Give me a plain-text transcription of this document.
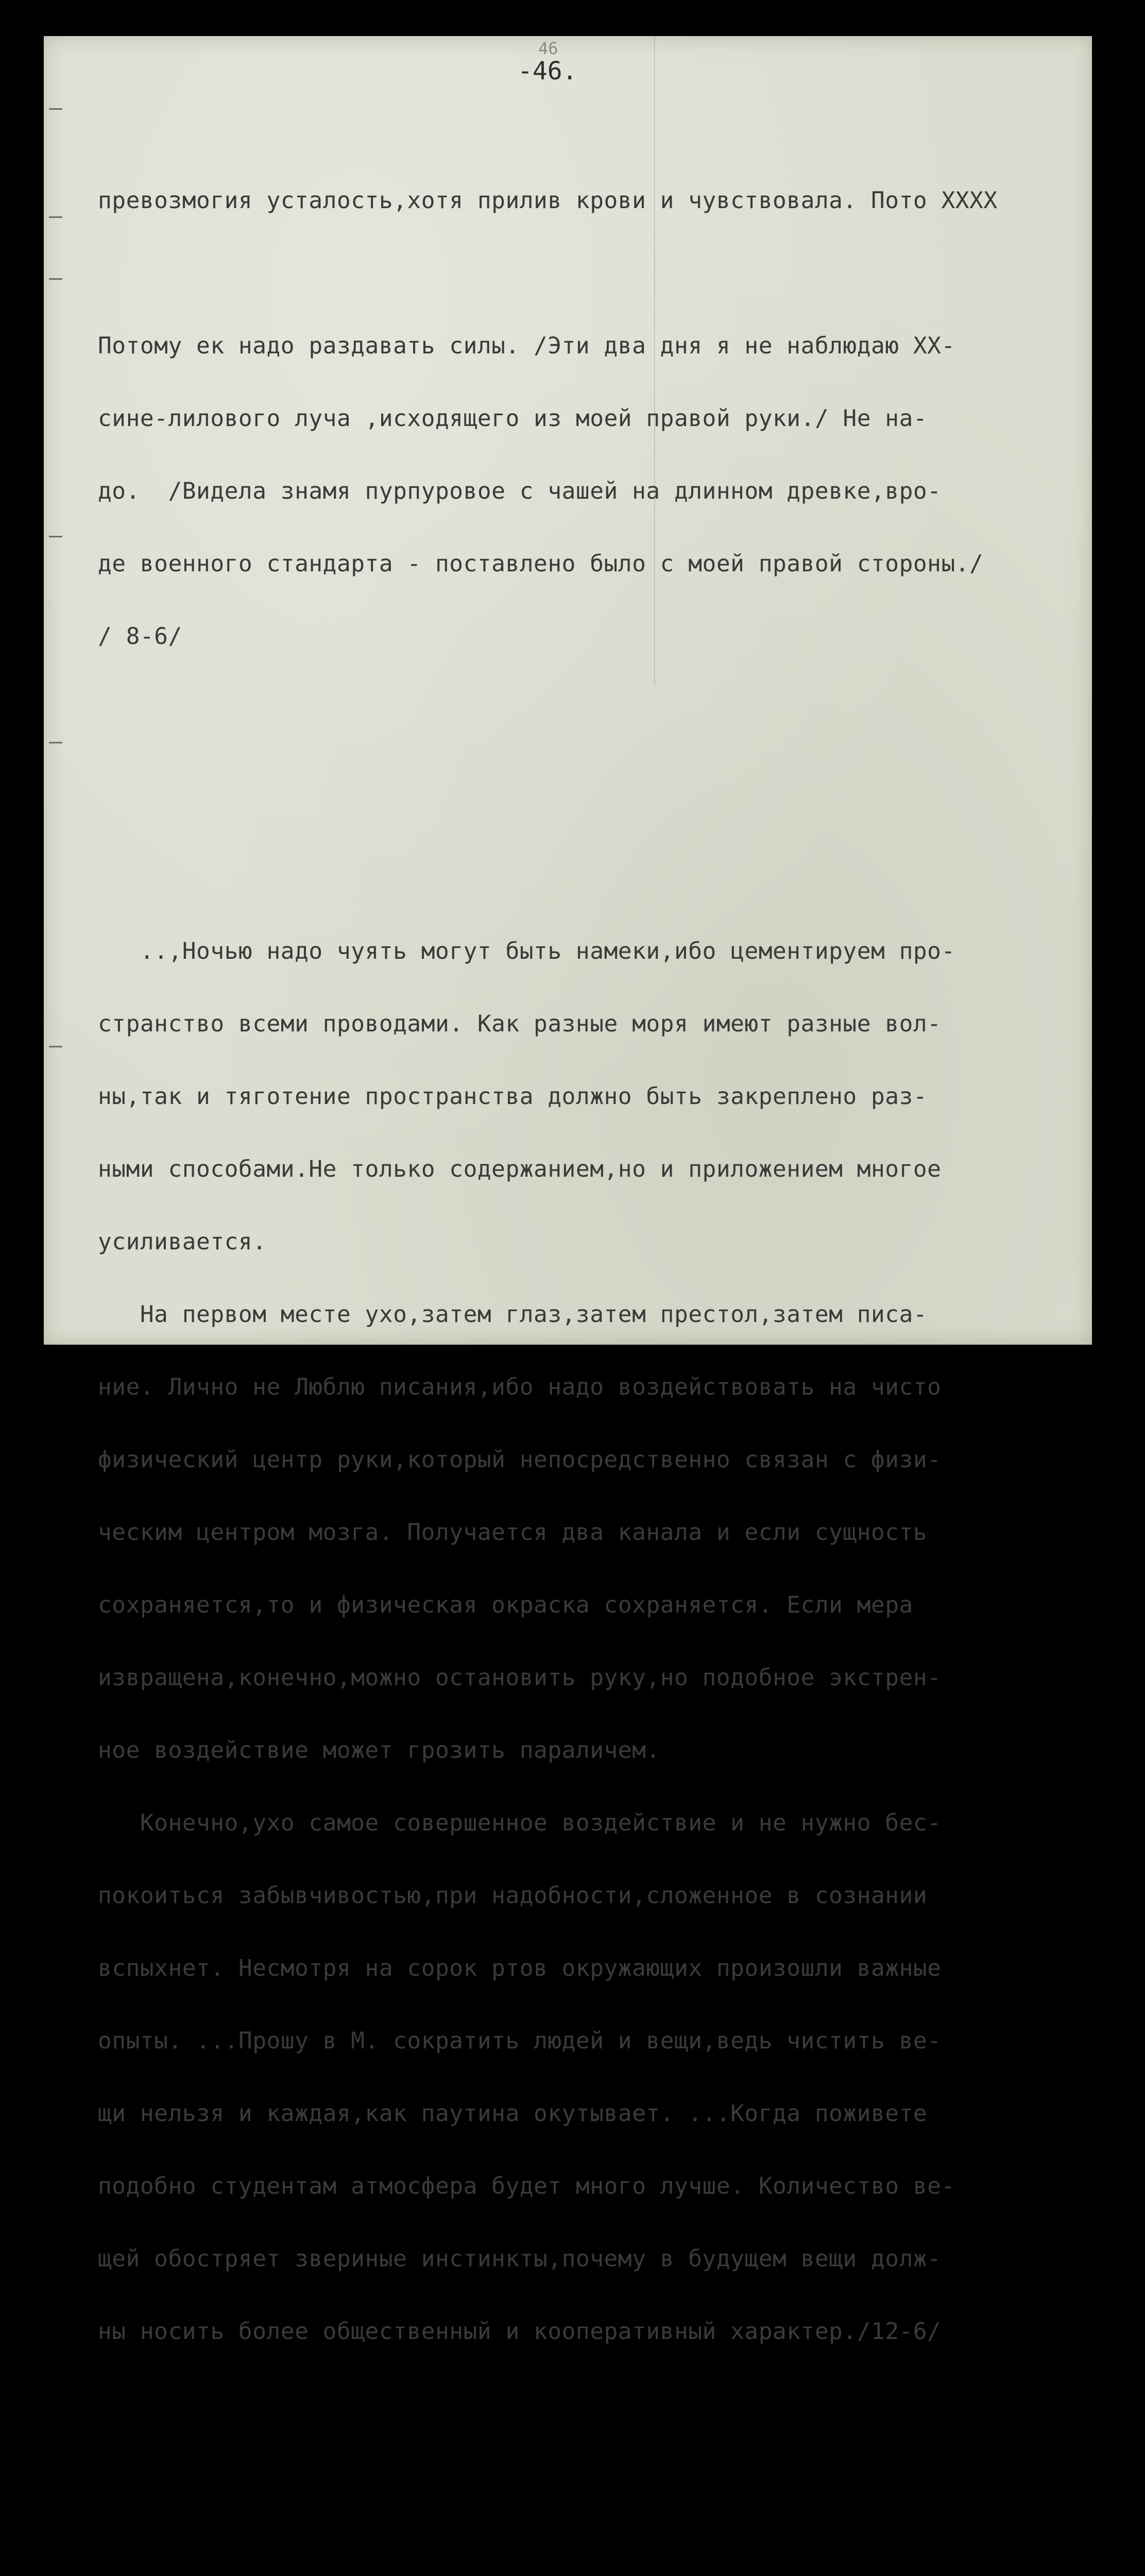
46
-46.

превозмогия усталость,хотя прилив крови и чувствовала. Пото XXXX

Потому ек надо раздавать силы. /Эти два дня я не наблюдаю XX-

сине-лилового луча ,исходящего из моей правой руки./ Не на-

до.  /Видела знамя пурпуровое с чашей на длинном древке,вро-

де военного стандарта - поставлено было с моей правой стороны./

/ 8-6/

..,Ночью надо чуять могут быть намеки,ибо цементируем про-

странство всеми проводами. Как разные моря имеют разные вол-

ны,так и тяготение пространства должно быть закреплено раз-

ными способами.Не только содержанием,но и приложением многое

усиливается.

На первом месте ухо,затем глаз,затем престол,затем писа-

ние. Лично не Люблю писания,ибо надо воздействовать на чисто

физический центр руки,который непосредственно связан с физи-

ческим центром мозга. Получается два канала и если сущность

сохраняется,то и физическая окраска сохраняется. Если мера

извращена,конечно,можно остановить руку,но подобное экстрен-

ное воздействие может грозить параличем.

Конечно,ухо самое совершенное воздействие и не нужно бес-

покоиться забывчивостью,при надобности,сложенное в сознании

вспыхнет. Несмотря на сорок ртов окружающих произошли важные

опыты. ...Прошу в М. сократить людей и вещи,ведь чистить ве-

щи нельзя и каждая,как паутина окутывает. ...Когда поживете

подобно студентам атмосфера будет много лучше. Количество ве-

щей обостряет звериные инстинкты,почему в будущем вещи долж-

ны носить более общественный и кооперативный характер./12-6/
